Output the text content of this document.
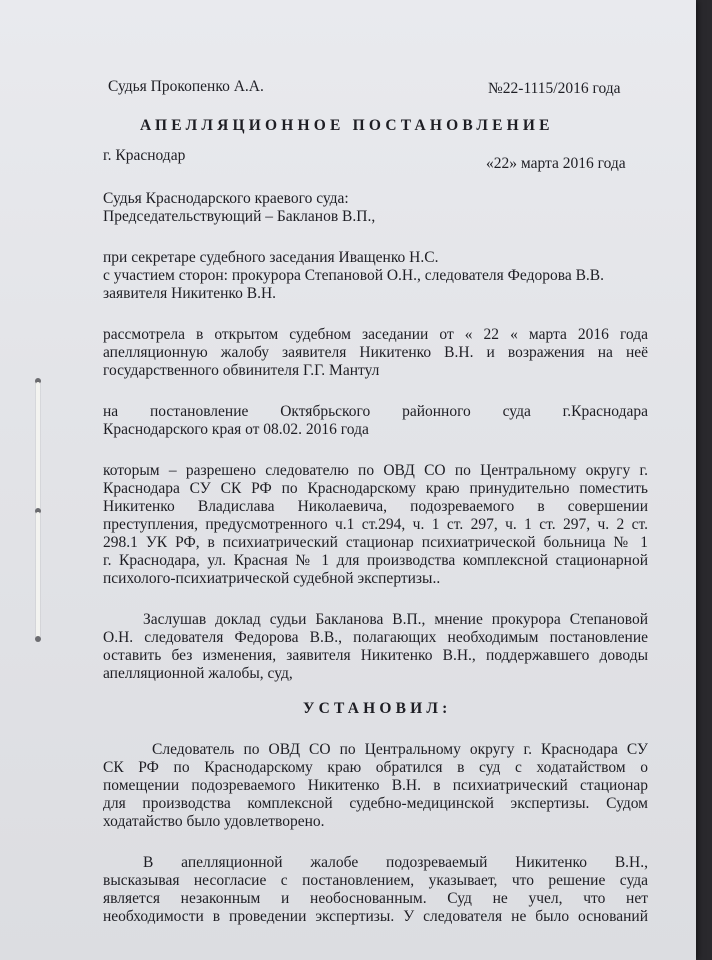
Судья Прокопенко А.А.	№22-1115/2016 года
АПЕЛЛЯЦИОННОЕ ПОСТАНОВЛЕНИЕ
г. Краснодар	«22» марта 2016 года
Судья Краснодарского краевого суда:
Председательствующий – Бакланов В.П.,
при секретаре судебного заседания Иващенко Н.С.
с участием сторон: прокурора Степановой О.Н., следователя Федорова В.В.
заявителя Никитенко В.Н.
рассмотрела в открытом судебном заседании от « 22 « марта 2016 года
апелляционную жалобу заявителя Никитенко В.Н. и возражения на неё
государственного обвинителя Г.Г. Мантул
на постановление Октябрьского районного суда г.Краснодара
Краснодарского края от 08.02. 2016 года
которым – разрешено следователю по ОВД СО по Центральному округу г.
Краснодара СУ СК РФ по Краснодарскому краю принудительно поместить
Никитенко Владислава Николаевича, подозреваемого в совершении
преступления, предусмотренного ч.1 ст.294, ч. 1 ст. 297, ч. 1 ст. 297, ч. 2 ст.
298.1 УК РФ, в психиатрический стационар психиатрической больница № 1
г. Краснодара, ул. Красная № 1 для производства комплексной стационарной
психолого-психиатрической судебной экспертизы..
Заслушав доклад судьи Бакланова В.П., мнение прокурора Степановой
О.Н. следователя Федорова В.В., полагающих необходимым постановление
оставить без изменения, заявителя Никитенко В.Н., поддержавшего доводы
апелляционной жалобы, суд,
УСТАНОВИЛ:
Следователь по ОВД СО по Центральному округу г. Краснодара СУ
СК РФ по Краснодарскому краю обратился в суд с ходатайством о
помещении подозреваемого Никитенко В.Н. в психиатрический стационар
для производства комплексной судебно-медицинской экспертизы. Судом
ходатайство было удовлетворено.
В апелляционной жалобе подозреваемый Никитенко В.Н.,
высказывая несогласие с постановлением, указывает, что решение суда
является незаконным и необоснованным. Суд не учел, что нет
необходимости в проведении экспертизы. У следователя не было оснований
